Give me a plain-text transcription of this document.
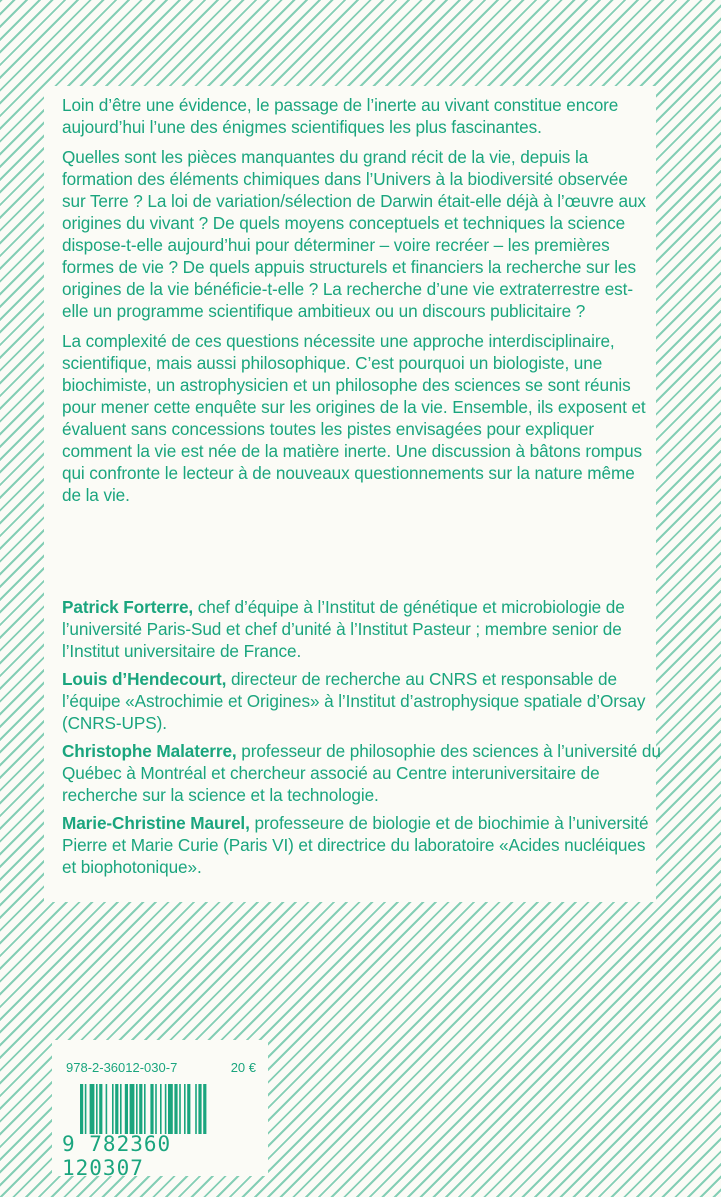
Loin d’être une évidence, le passage de l’inerte au vivant constitue encore aujourd’hui l’une des énigmes scientifiques les plus fascinantes.

Quelles sont les pièces manquantes du grand récit de la vie, depuis la formation des éléments chimiques dans l’Univers à la biodiversité observée sur Terre ? La loi de variation/sélection de Darwin était-elle déjà à l’œuvre aux origines du vivant ? De quels moyens conceptuels et techniques la science dispose-t-elle aujourd’hui pour déterminer – voire recréer – les premières formes de vie ? De quels appuis structurels et financiers la recherche sur les origines de la vie bénéficie-t-elle ? La recherche d’une vie extraterrestre est-elle un programme scientifique ambitieux ou un discours publicitaire ?

La complexité de ces questions nécessite une approche interdisciplinaire, scientifique, mais aussi philosophique. C’est pourquoi un biologiste, une biochimiste, un astrophysicien et un philosophe des sciences se sont réunis pour mener cette enquête sur les origines de la vie. Ensemble, ils exposent et évaluent sans concessions toutes les pistes envisagées pour expliquer comment la vie est née de la matière inerte. Une discussion à bâtons rompus qui confronte le lecteur à de nouveaux questionnements sur la nature même de la vie.

Patrick Forterre, chef d’équipe à l’Institut de génétique et microbiologie de l’université Paris-Sud et chef d’unité à l’Institut Pasteur ; membre senior de l’Institut universitaire de France.

Louis d’Hendecourt, directeur de recherche au CNRS et responsable de l’équipe «Astrochimie et Origines» à l’Institut d’astrophysique spatiale d’Orsay (CNRS-UPS).

Christophe Malaterre, professeur de philosophie des sciences à l’université du Québec à Montréal et chercheur associé au Centre interuniversitaire de recherche sur la science et la technologie.

Marie-Christine Maurel, professeure de biologie et de biochimie à l’université Pierre et Marie Curie (Paris VI) et directrice du laboratoire «Acides nucléiques et biophotonique».

978-2-36012-030-7	20 €
9 782360 120307
